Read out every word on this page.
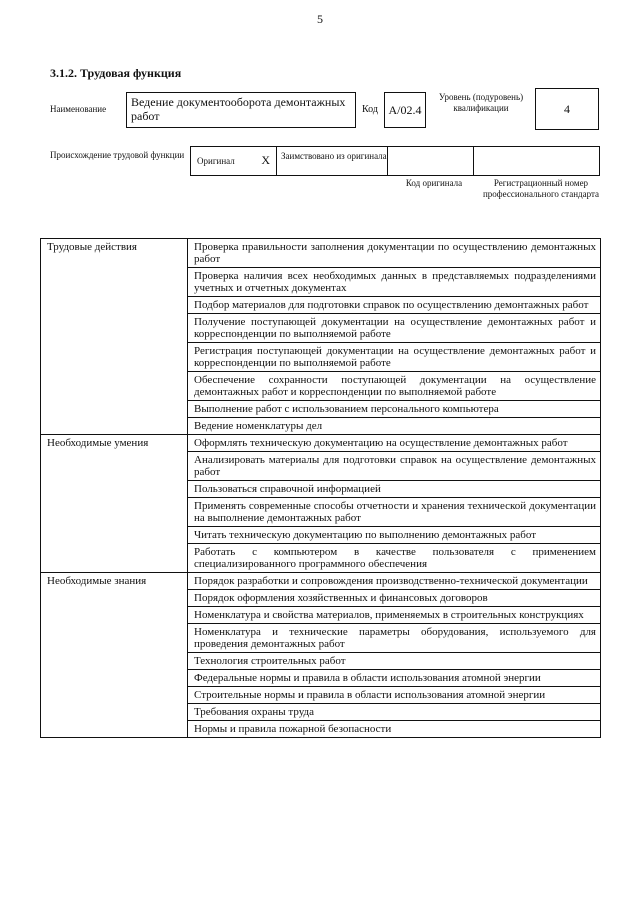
5
3.1.2. Трудовая функция
Наименование	Ведение документооборота демонтажных работ	Код А/02.4
Уровень (подуровень) квалификации	4
Происхождение трудовой функции
Оригинал X Заимствовано из оригинала
Код оригинала	Регистрационный номер профессионального стандарта
Трудовые действия	Проверка правильности заполнения документации по осуществлению демонтажных работ
	Проверка наличия всех необходимых данных в представляемых подразделениями учетных и отчетных документах
	Подбор материалов для подготовки справок по осуществлению демонтажных работ
	Получение поступающей документации на осуществление демонтажных работ и корреспонденции по выполняемой работе
	Регистрация поступающей документации на осуществление демонтажных работ и корреспонденции по выполняемой работе
	Обеспечение сохранности поступающей документации на осуществление демонтажных работ и корреспонденции по выполняемой работе
	Выполнение работ с использованием персонального компьютера
	Ведение номенклатуры дел
Необходимые умения	Оформлять техническую документацию на осуществление демонтажных работ
	Анализировать материалы для подготовки справок на осуществление демонтажных работ
	Пользоваться справочной информацией
	Применять современные способы отчетности и хранения технической документации на выполнение демонтажных работ
	Читать техническую документацию по выполнению демонтажных работ
	Работать с компьютером в качестве пользователя с применением специализированного программного обеспечения
Необходимые знания	Порядок разработки и сопровождения производственно-технической документации
	Порядок оформления хозяйственных и финансовых договоров
	Номенклатура и свойства материалов, применяемых в строительных конструкциях
	Номенклатура и технические параметры оборудования, используемого для проведения демонтажных работ
	Технология строительных работ
	Федеральные нормы и правила в области использования атомной энергии
	Строительные нормы и правила в области использования атомной энергии
	Требования охраны труда
	Нормы и правила пожарной безопасности
